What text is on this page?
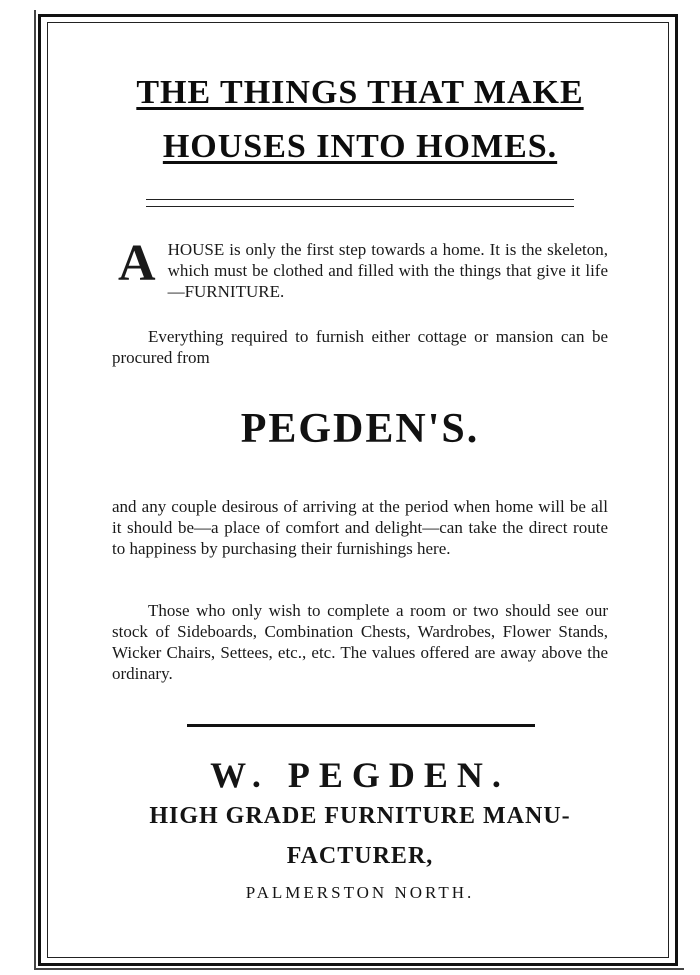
THE THINGS THAT MAKE
HOUSES INTO HOMES.

AHOUSE is only the first step towards a home. It is the skeleton, which must be clothed and filled with the things that give it life—FURNITURE.

Everything required to furnish either cottage or mansion can be procured from

PEGDEN'S.

and any couple desirous of arriving at the period when home will be all it should be—a place of comfort and delight—can take the direct route to happiness by purchasing their furnishings here.

Those who only wish to complete a room or two should see our stock of Sideboards, Combination Chests, Wardrobes, Flower Stands, Wicker Chairs, Settees, etc., etc. The values offered are away above the ordinary.

W. PEGDEN.
HIGH GRADE FURNITURE MANU-
FACTURER,
PALMERSTON NORTH.
